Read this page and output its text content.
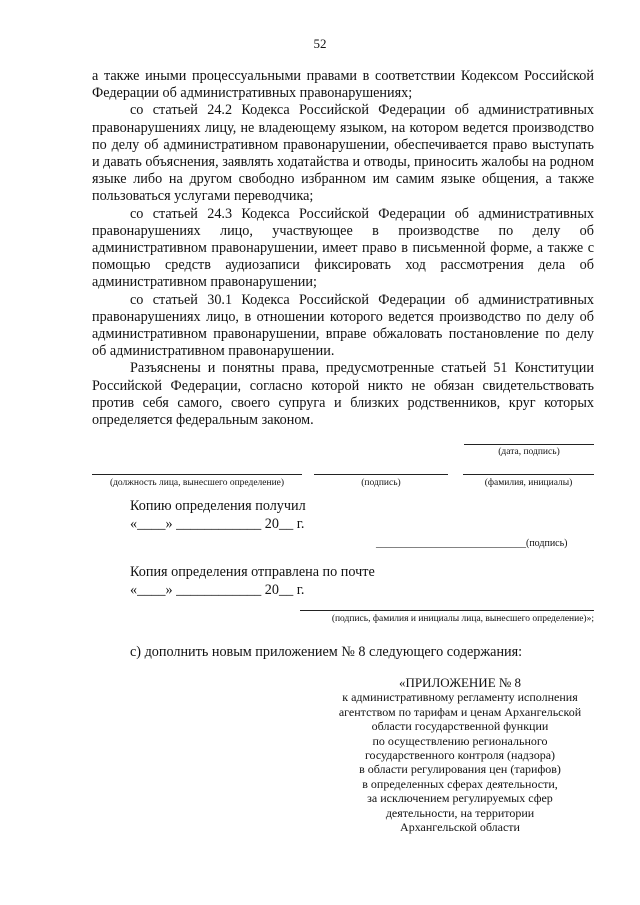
52

а также иными процессуальными правами в соответствии Кодексом Российской Федерации об административных правонарушениях;

со статьей 24.2 Кодекса Российской Федерации об административных правонарушениях лицу, не владеющему языком, на котором ведется производство по делу об административном правонарушении, обеспечивается право выступать и давать объяснения, заявлять ходатайства и отводы, приносить жалобы на родном языке либо на другом свободно избранном им самим языке общения, а также пользоваться услугами переводчика;

со статьей 24.3 Кодекса Российской Федерации об административных правонарушениях лицо, участвующее в производстве по делу об административном правонарушении, имеет право в письменной форме, а также с помощью средств аудиозаписи фиксировать ход рассмотрения дела об административном правонарушении;

со статьей 30.1 Кодекса Российской Федерации об административных правонарушениях лицо, в отношении которого ведется производство по делу об административном правонарушении, вправе обжаловать постановление по делу об административном правонарушении.

Разъяснены и понятны права, предусмотренные статьей 51 Конституции Российской Федерации, согласно которой никто не обязан свидетельствовать против себя самого, своего супруга и близких родственников, круг которых определяется федеральным законом.

(дата, подпись)
(должность лица, вынесшего определение)	(подпись)	(фамилия, инициалы)
Копию определения получил
«____» ____________ 20__ г.
______________________________(подпись)
Копия определения отправлена по почте
«____» ____________ 20__ г.
(подпись, фамилия и инициалы лица, вынесшего определение)»;
с) дополнить новым приложением № 8 следующего содержания:
«ПРИЛОЖЕНИЕ № 8
к административному регламенту исполнения
агентством по тарифам и ценам Архангельской
области государственной функции
по осуществлению регионального
государственного контроля (надзора)
в области регулирования цен (тарифов)
в определенных сферах деятельности,
за исключением регулируемых сфер
деятельности, на территории
Архангельской области
